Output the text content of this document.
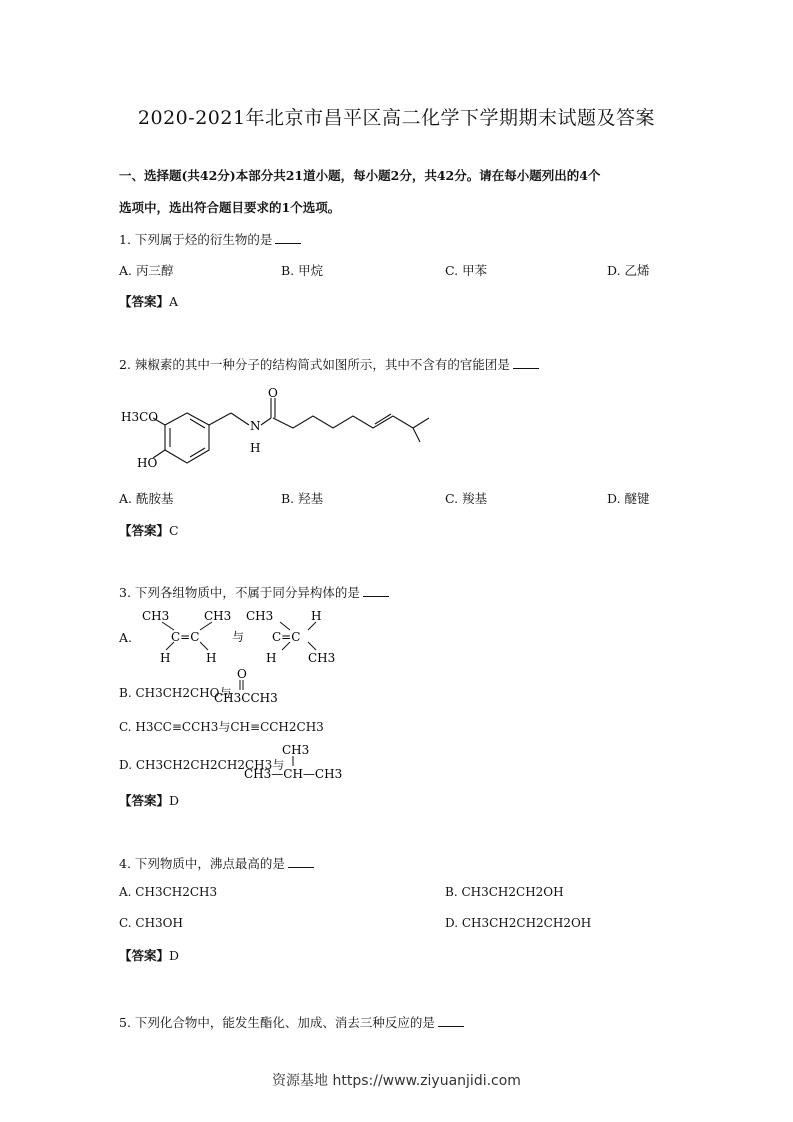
2020-2021年北京市昌平区高二化学下学期期末试题及答案
一、选择题(共42分)本部分共21道小题，每小题2分，共42分。请在每小题列出的4个
选项中，选出符合题目要求的1个选项。
1. 下列属于烃的衍生物的是
A. 丙三醇	B. 甲烷	C. 甲苯	D. 乙烯
【答案】A
2. 辣椒素的其中一种分子的结构简式如图所示，其中不含有的官能团是
H3CO
HO
N
H
O
A. 酰胺基	B. 羟基	C. 羧基	D. 醚键
【答案】C
3. 下列各组物质中，不属于同分异构体的是
A.
CH3	CH3
C=C
H	H
与
CH3	H
C=C
H	CH3
B. CH3CH2CHO与
O
CH3CCH3
C. H3CC≡CCH3与CH≡CCH2CH3
D. CH3CH2CH2CH2CH3与
CH3
CH3—CH—CH3
【答案】D
4. 下列物质中，沸点最高的是
A. CH3CH2CH3	B. CH3CH2CH2OH
C. CH3OH	D. CH3CH2CH2CH2OH
【答案】D
5. 下列化合物中，能发生酯化、加成、消去三种反应的是
资源基地 https://www.ziyuanjidi.com
